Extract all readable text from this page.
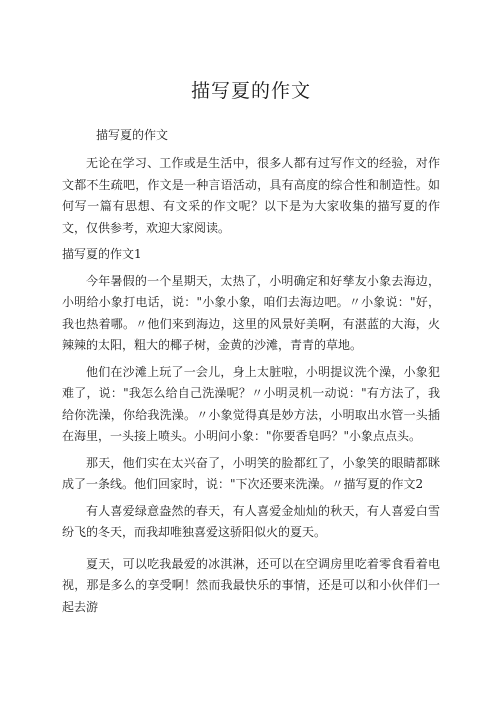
描写夏的作文
描写夏的作文

无论在学习、工作或是生活中，很多人都有过写作文的经验，对作文都不生疏吧，作文是一种言语活动，具有高度的综合性和制造性。如何写一篇有思想、有文采的作文呢？以下是为大家收集的描写夏的作文，仅供参考，欢迎大家阅读。

描写夏的作文1

今年暑假的一个星期天，太热了，小明确定和好孳友小象去海边，小明给小象打电话，说："小象小象，咱们去海边吧。〃小象说："好，我也热着哪。〃他们来到海边，这里的风景好美啊，有湛蓝的大海，火辣辣的太阳，粗大的椰子树，金黄的沙滩，青青的草地。

他们在沙滩上玩了一会儿，身上太脏啦，小明提议洗个澡，小象犯难了，说："我怎么给自己洗澡呢？〃小明灵机一动说："有方法了，我给你洗澡，你给我洗澡。〃小象觉得真是妙方法，小明取出水管一头插在海里，一头接上喷头。小明问小象："你要香皂吗？"小象点点头。

那天，他们实在太兴奋了，小明笑的脸都红了，小象笑的眼睛都眯成了一条线。他们回家时，说："下次还要来洗澡。〃描写夏的作文2

有人喜爱绿意盎然的春天，有人喜爱金灿灿的秋天，有人喜爱白雪纷飞的冬天，而我却唯独喜爱这骄阳似火的夏天。

夏天，可以吃我最爱的冰淇淋，还可以在空调房里吃着零食看着电视，那是多么的享受啊！然而我最快乐的事情，还是可以和小伙伴们一起去游
